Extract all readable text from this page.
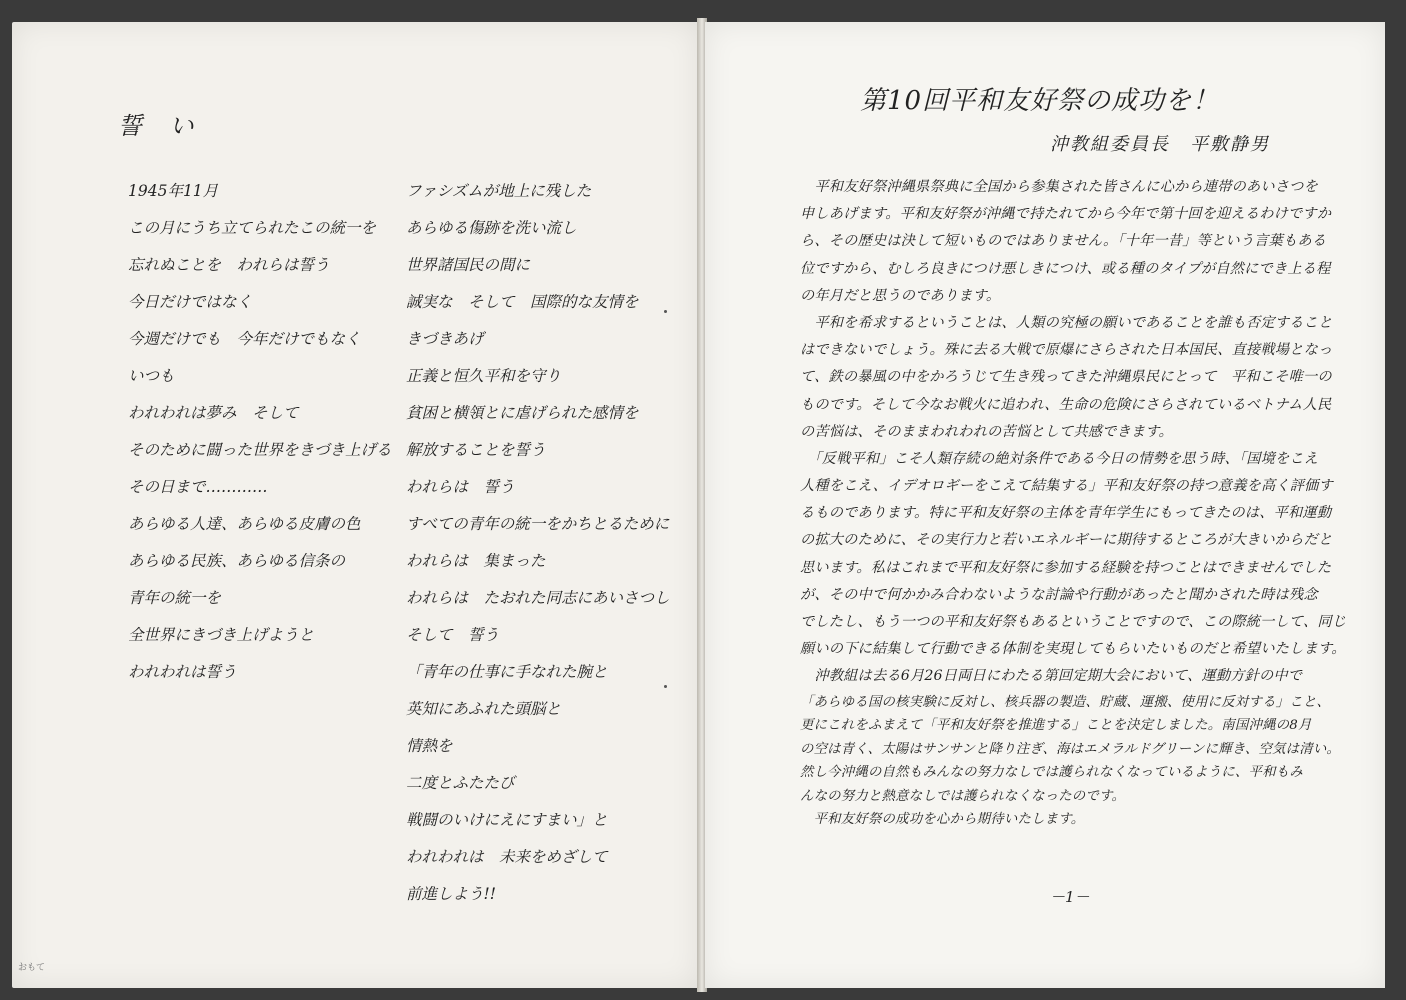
誓 い
1945年11月
この月にうち立てられたこの統一を
忘れぬことを　われらは誓う
今日だけではなく
今週だけでも　今年だけでもなく
いつも
われわれは夢み　そして
そのために闘った世界をきづき上げる
その日まで…………
あらゆる人達、あらゆる皮膚の色
あらゆる民族、あらゆる信条の
青年の統一を
全世界にきづき上げようと
われわれは誓う
ファシズムが地上に残した
あらゆる傷跡を洗い流し
世界諸国民の間に
誠実な　そして　国際的な友情を
きづきあげ
正義と恒久平和を守り
貧困と横領とに虐げられた感情を
解放することを誓う
われらは　誓う
すべての青年の統一をかちとるために
われらは　集まった
われらは　たおれた同志にあいさつし
そして　誓う
「青年の仕事に手なれた腕と
英知にあふれた頭脳と
情熱を
二度とふたたび
戦闘のいけにえにすまい」と
われわれは　未来をめざして
前進しよう!!
おもて
第10回平和友好祭の成功を！
沖教組委員長　平敷静男
　平和友好祭沖縄県祭典に全国から参集された皆さんに心から連帯のあいさつを
申しあげます。平和友好祭が沖縄で持たれてから今年で第十回を迎えるわけですか
ら、その歴史は決して短いものではありません。「十年一昔」等という言葉もある
位ですから、むしろ良きにつけ悪しきにつけ、或る種のタイプが自然にでき上る程
の年月だと思うのであります。
　平和を希求するということは、人類の究極の願いであることを誰も否定すること
はできないでしょう。殊に去る大戦で原爆にさらされた日本国民、直接戦場となっ
て、鉄の暴風の中をかろうじて生き残ってきた沖縄県民にとって　平和こそ唯一の
ものです。そして今なお戦火に追われ、生命の危険にさらされているベトナム人民
の苦悩は、そのままわれわれの苦悩として共感できます。
　「反戦平和」こそ人類存続の絶対条件である今日の情勢を思う時、「国境をこえ
人種をこえ、イデオロギーをこえて結集する」平和友好祭の持つ意義を高く評価す
るものであります。特に平和友好祭の主体を青年学生にもってきたのは、平和運動
の拡大のために、その実行力と若いエネルギーに期待するところが大きいからだと
思います。私はこれまで平和友好祭に参加する経験を持つことはできませんでした
が、その中で何かかみ合わないような討論や行動があったと聞かされた時は残念
でしたし、もう一つの平和友好祭もあるということですので、この際統一して、同じ
願いの下に結集して行動できる体制を実現してもらいたいものだと希望いたします。
　沖教組は去る6月26日両日にわたる第回定期大会において、運動方針の中で
「あらゆる国の核実験に反対し、核兵器の製造、貯蔵、運搬、使用に反対する」こと、
更にこれをふまえて「平和友好祭を推進する」ことを決定しました。南国沖縄の8月
の空は青く、太陽はサンサンと降り注ぎ、海はエメラルドグリーンに輝き、空気は清い。
然し今沖縄の自然もみんなの努力なしでは護られなくなっているように、平和もみ
んなの努力と熱意なしでは護られなくなったのです。
　平和友好祭の成功を心から期待いたします。
－1－
